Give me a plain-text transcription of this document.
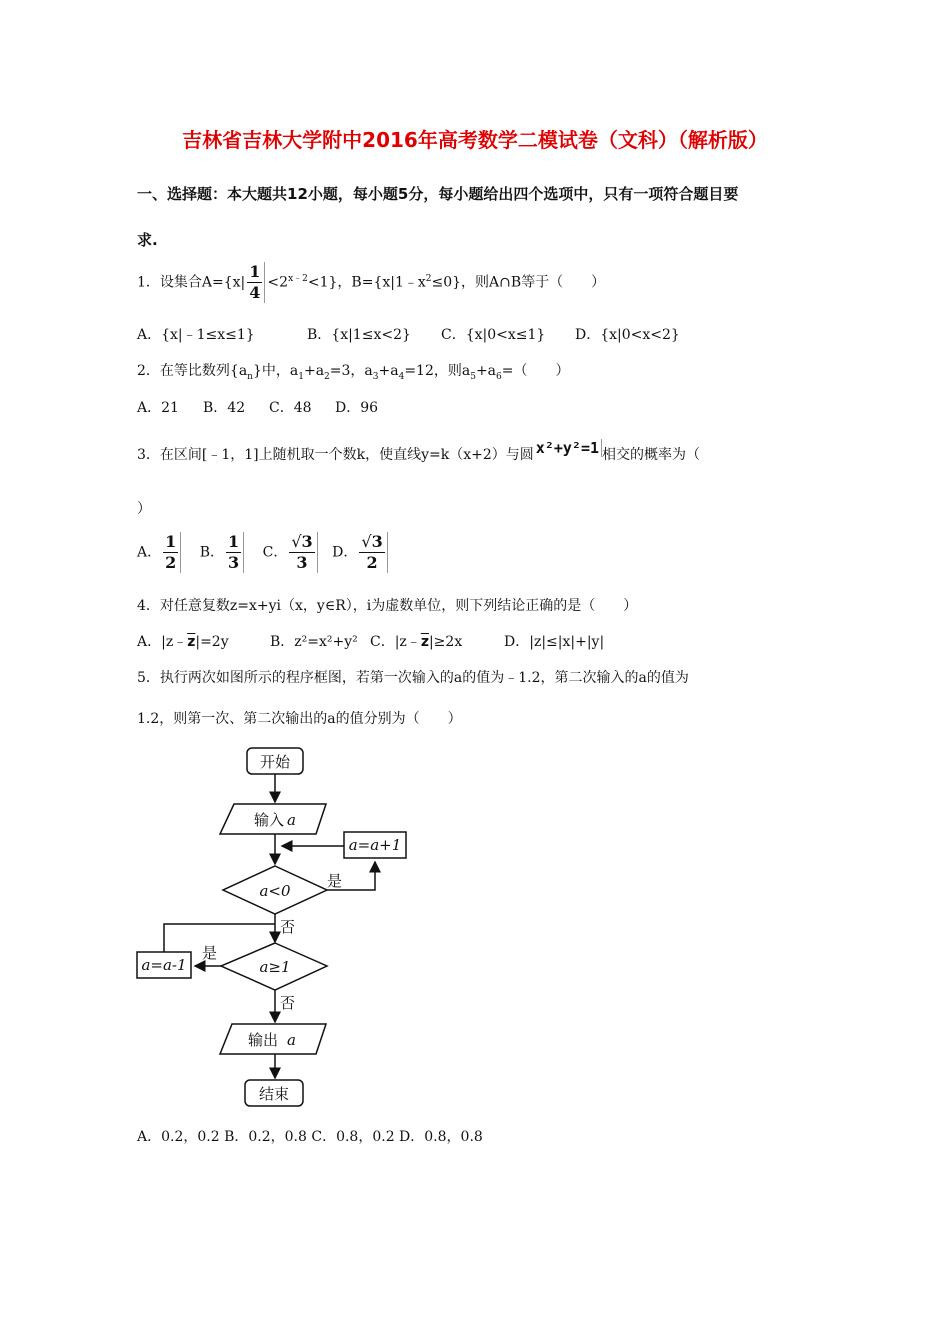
吉林省吉林大学附中2016年高考数学二模试卷（文科）（解析版）
一、选择题：本大题共12小题，每小题5分，每小题给出四个选项中，只有一项符合题目要
求.
1．设集合$A=\{x| \frac{1}{4} <2^{x﹣2}<1\}$，$B=\{x|1﹣x^2\le 0\}$，则A∩B等于（　　）
A．{x|﹣1≤x≤1}	B．{x|1≤x<2} C．{x|0<x≤1} D．{x|0<x<2}
2．在等比数列$\{a_n\}$中，$a_1+a_2=3$，$a_3+a_4=12$，则$a_5+a_6=$（　　）
A．21 B．42 C．48 D．96
3．在区间[﹣1，1]上随机取一个数k，使直线y=k（x+2）与圆 x²+y²=1 相交的概率为（
）
A． $\frac{1}{2}$ B． $\frac{1}{3}$ C． √ $\frac{3}{3}$ D． √ $\frac{3}{2}$
4．对任意复数z=x+yi（x，y∈R），i为虚数单位，则下列结论正确的是（　　）
A．$|z﹣\overline{z}|=2y$	B．z²=x²+y² C．$|z﹣\overline{z}|\ge 2x$	D．|z|≤|x|+|y|
5．执行两次如图所示的程序框图，若第一次输入的a的值为﹣1.2，第二次输入的a的值为
1.2，则第一次、第二次输出的a的值分别为（　　）
开始
输入 a
a=a+1
a<0
是
否
a=a-1	a≥1
是
否
输出 a
结束
A．0.2，0.2 B．0.2，0.8 C．0.8，0.2 D．0.8，0.8
